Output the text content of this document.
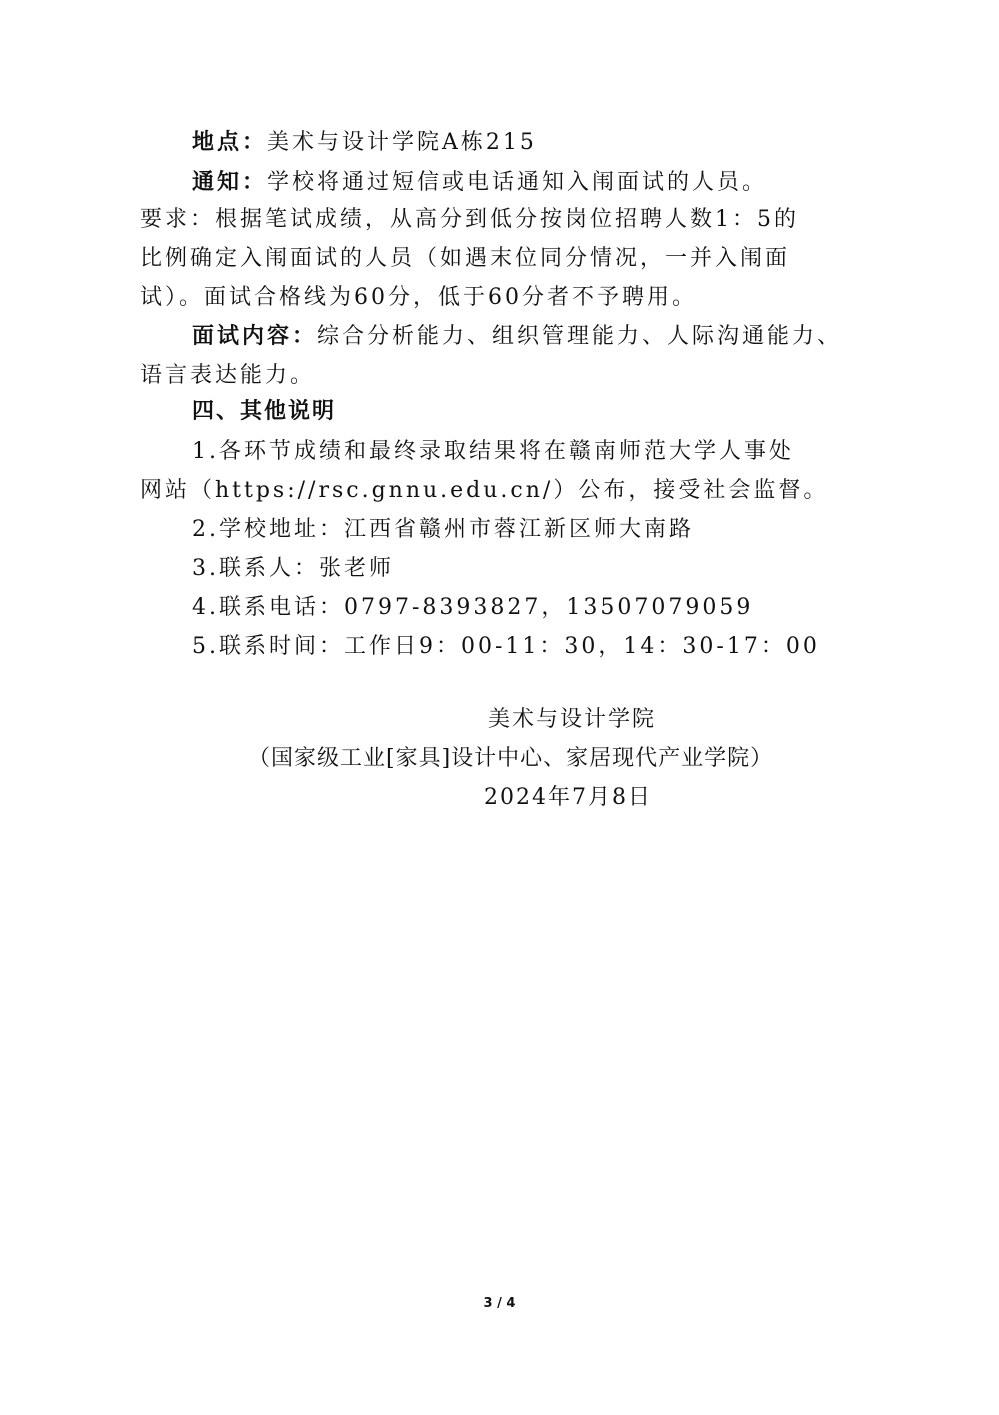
地点：美术与设计学院A栋215
通知：学校将通过短信或电话通知入闱面试的人员。
要求：根据笔试成绩，从高分到低分按岗位招聘人数1：5的
比例确定入闱面试的人员（如遇末位同分情况，一并入闱面
试）。面试合格线为60分，低于60分者不予聘用。
面试内容：综合分析能力、组织管理能力、人际沟通能力、
语言表达能力。
四、其他说明
1.各环节成绩和最终录取结果将在赣南师范大学人事处
网站（https://rsc.gnnu.edu.cn/）公布，接受社会监督。
2.学校地址：江西省赣州市蓉江新区师大南路
3.联系人：张老师
4.联系电话：0797-8393827，13507079059
5.联系时间：工作日9：00-11：30，14：30-17：00
美术与设计学院
（国家级工业[家具]设计中心、家居现代产业学院）
2024年7月8日
3 / 4
